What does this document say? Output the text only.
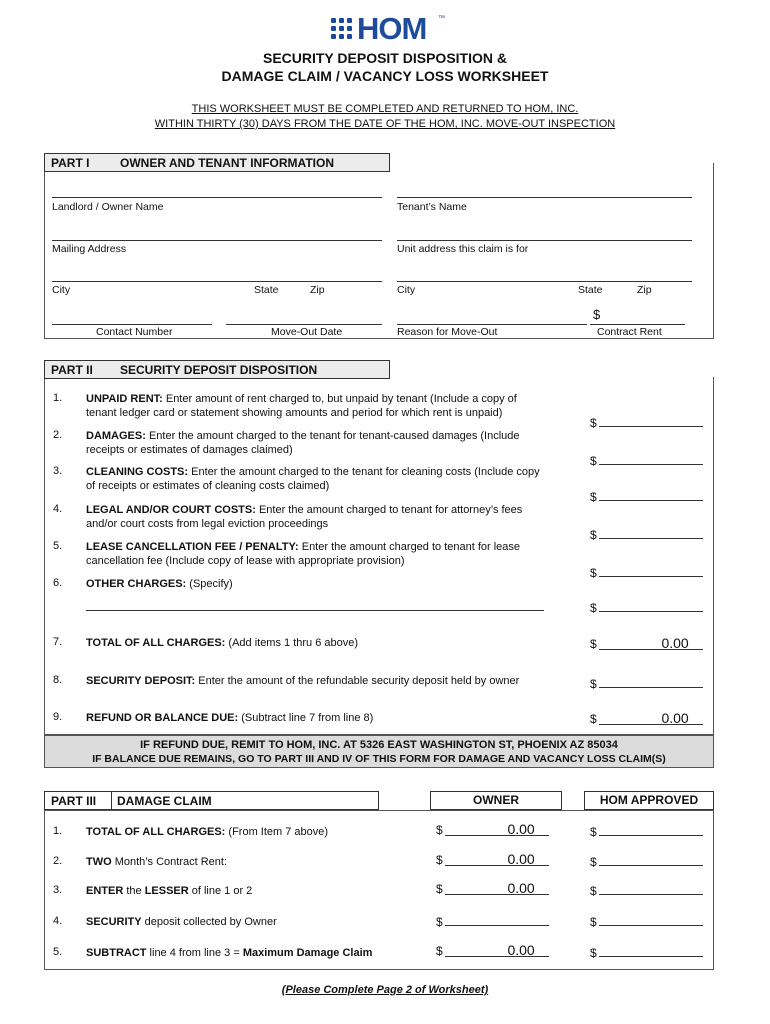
HOM ™
SECURITY DEPOSIT DISPOSITION &
DAMAGE CLAIM / VACANCY LOSS WORKSHEET
THIS WORKSHEET MUST BE COMPLETED AND RETURNED TO HOM, INC.
WITHIN THIRTY (30) DAYS FROM THE DATE OF THE HOM, INC. MOVE-OUT INSPECTION
PART I	OWNER AND TENANT INFORMATION
Landlord / Owner Name	Tenant’s Name
Mailing Address	Unit address this claim is for
City	State	Zip	City	State	Zip
Contact Number	Move-Out Date	Reason for Move-Out
$
Contract Rent
PART II SECURITY DEPOSIT DISPOSITION
1. UNPAID RENT: Enter amount of rent charged to, but unpaid by tenant (Include a copy of
tenant ledger card or statement showing amounts and period for which rent is unpaid)
$
2. DAMAGES: Enter the amount charged to the tenant for tenant-caused damages (Include
receipts or estimates of damages claimed)
$
3. CLEANING COSTS: Enter the amount charged to the tenant for cleaning costs (Include copy
of receipts or estimates of cleaning costs claimed)
$
4. LEGAL AND/OR COURT COSTS: Enter the amount charged to tenant for attorney’s fees
and/or court costs from legal eviction proceedings
$
5. LEASE CANCELLATION FEE / PENALTY: Enter the amount charged to tenant for lease
cancellation fee (Include copy of lease with appropriate provision)
$
6. OTHER CHARGES: (Specify)
$
7. TOTAL OF ALL CHARGES: (Add items 1 thru 6 above)	$	0.00
8. SECURITY DEPOSIT: Enter the amount of the refundable security deposit held by owner	$
9. REFUND OR BALANCE DUE: (Subtract line 7 from line 8)	$	0.00
IF REFUND DUE, REMIT TO HOM, INC. AT 5326 EAST WASHINGTON ST, PHOENIX AZ 85034
IF BALANCE DUE REMAINS, GO TO PART III AND IV OF THIS FORM FOR DAMAGE AND VACANCY LOSS CLAIM(S)
PART III DAMAGE CLAIM	OWNER	HOM APPROVED
1. TOTAL OF ALL CHARGES: (From Item 7 above)	$	0.00	$
2. TWO Month’s Contract Rent:	$	0.00	$
3. ENTER the LESSER of line 1 or 2	$	0.00	$
4. SECURITY deposit collected by Owner	$	$
5. SUBTRACT line 4 from line 3 = Maximum Damage Claim	$	0.00	$
(Please Complete Page 2 of Worksheet)
